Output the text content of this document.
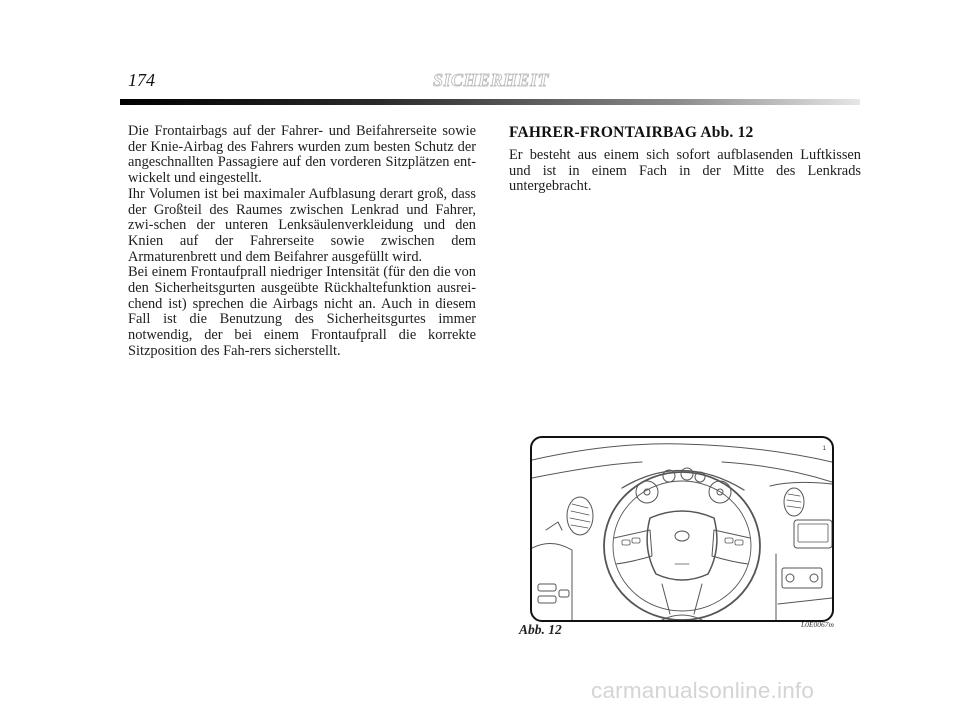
174	SICHERHEIT

Die Frontairbags auf der Fahrer- und Beifahrerseite sowie der Knie-Airbag des Fahrers wurden zum besten Schutz der angeschnallten Passagiere auf den vorderen Sitzplätzen ent-wickelt und eingestellt.

Ihr Volumen ist bei maximaler Aufblasung derart groß, dass der Großteil des Raumes zwischen Lenkrad und Fahrer, zwi-schen der unteren Lenksäulenverkleidung und den Knien auf der Fahrerseite sowie zwischen dem Armaturenbrett und dem Beifahrer ausgefüllt wird.

Bei einem Frontaufprall niedriger Intensität (für den die von den Sicherheitsgurten ausgeübte Rückhaltefunktion ausrei-chend ist) sprechen die Airbags nicht an. Auch in diesem Fall ist die Benutzung des Sicherheitsgurtes immer notwendig, der bei einem Frontaufprall die korrekte Sitzposition des Fah-rers sicherstellt.

FAHRER-FRONTAIRBAG Abb. 12

Er besteht aus einem sich sofort aufblasenden Luftkissen und ist in einem Fach in der Mitte des Lenkrads untergebracht.

1
Abb. 12	L0E0067m
carmanualsonline.info
